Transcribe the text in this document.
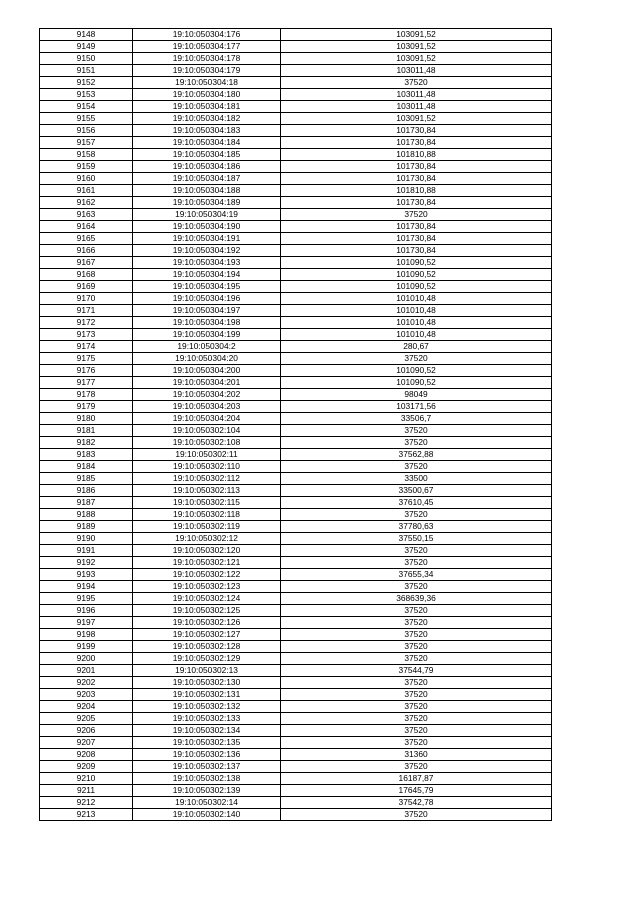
9148	19:10:050304:176	103091,52
9149	19:10:050304:177	103091,52
9150	19:10:050304:178	103091,52
9151	19:10:050304:179	103011,48
9152	19:10:050304:18	37520
9153	19:10:050304:180	103011,48
9154	19:10:050304:181	103011,48
9155	19:10:050304:182	103091,52
9156	19:10:050304:183	101730,84
9157	19:10:050304:184	101730,84
9158	19:10:050304:185	101810,88
9159	19:10:050304:186	101730,84
9160	19:10:050304:187	101730,84
9161	19:10:050304:188	101810,88
9162	19:10:050304:189	101730,84
9163	19:10:050304:19	37520
9164	19:10:050304:190	101730,84
9165	19:10:050304:191	101730,84
9166	19:10:050304:192	101730,84
9167	19:10:050304:193	101090,52
9168	19:10:050304:194	101090,52
9169	19:10:050304:195	101090,52
9170	19:10:050304:196	101010,48
9171	19:10:050304:197	101010,48
9172	19:10:050304:198	101010,48
9173	19:10:050304:199	101010,48
9174	19:10:050304:2	280,67
9175	19:10:050304:20	37520
9176	19:10:050304:200	101090,52
9177	19:10:050304:201	101090,52
9178	19:10:050304:202	98049
9179	19:10:050304:203	103171,56
9180	19:10:050304:204	33506,7
9181	19:10:050302:104	37520
9182	19:10:050302:108	37520
9183	19:10:050302:11	37562,88
9184	19:10:050302:110	37520
9185	19:10:050302:112	33500
9186	19:10:050302:113	33500,67
9187	19:10:050302:115	37610,45
9188	19:10:050302:118	37520
9189	19:10:050302:119	37780,63
9190	19:10:050302:12	37550,15
9191	19:10:050302:120	37520
9192	19:10:050302:121	37520
9193	19:10:050302:122	37655,34
9194	19:10:050302:123	37520
9195	19:10:050302:124	368639,36
9196	19:10:050302:125	37520
9197	19:10:050302:126	37520
9198	19:10:050302:127	37520
9199	19:10:050302:128	37520
9200	19:10:050302:129	37520
9201	19:10:050302:13	37544,79
9202	19:10:050302:130	37520
9203	19:10:050302:131	37520
9204	19:10:050302:132	37520
9205	19:10:050302:133	37520
9206	19:10:050302:134	37520
9207	19:10:050302:135	37520
9208	19:10:050302:136	31360
9209	19:10:050302:137	37520
9210	19:10:050302:138	16187,87
9211	19:10:050302:139	17645,79
9212	19:10:050302:14	37542,78
9213	19:10:050302:140	37520
